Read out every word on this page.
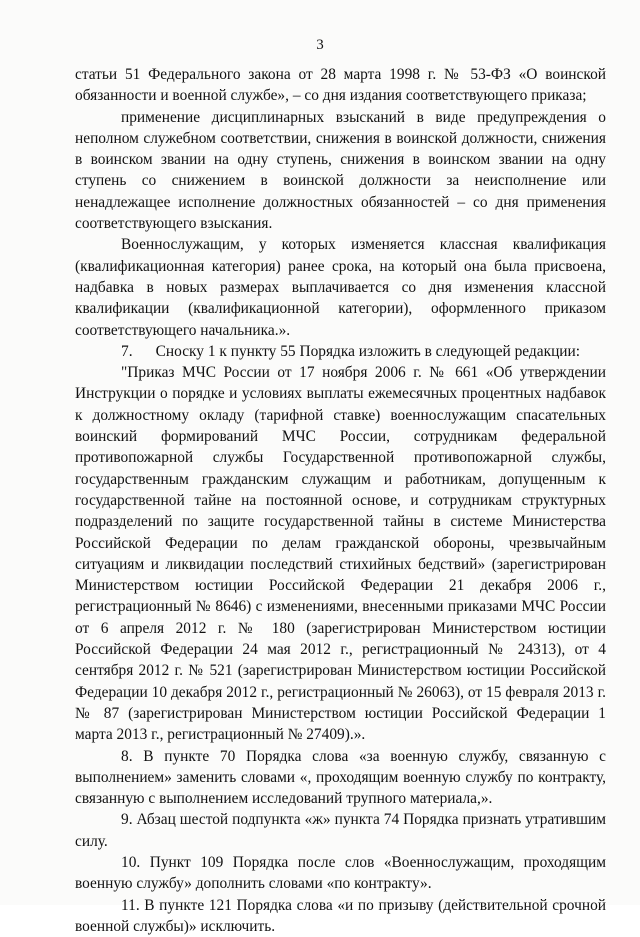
3

статьи 51 Федерального закона от 28 марта 1998 г. № 53-ФЗ «О воинской обязанности и военной службе», – со дня издания соответствующего приказа;

применение дисциплинарных взысканий в виде предупреждения о неполном служебном соответствии, снижения в воинской должности, снижения в воинском звании на одну ступень, снижения в воинском звании на одну ступень со снижением в воинской должности за неисполнение или ненадлежащее исполнение должностных обязанностей – со дня применения соответствующего взыскания.

Военнослужащим, у которых изменяется классная квалификация (квалификационная категория) ранее срока, на который она была присвоена, надбавка в новых размерах выплачивается со дня изменения классной квалификации (квалификационной категории), оформленного приказом соответствующего начальника.».

7.      Сноску 1 к пункту 55 Порядка изложить в следующей редакции:

"Приказ МЧС России от 17 ноября 2006 г. № 661 «Об утверждении Инструкции о порядке и условиях выплаты ежемесячных процентных надбавок к должностному окладу (тарифной ставке) военнослужащим спасательных воинский формирований МЧС России, сотрудникам федеральной противопожарной службы Государственной противопожарной службы, государственным гражданским служащим и работникам, допущенным к государственной тайне на постоянной основе, и сотрудникам структурных подразделений по защите государственной тайны в системе Министерства Российской Федерации по делам гражданской обороны, чрезвычайным ситуациям и ликвидации последствий стихийных бедствий» (зарегистрирован Министерством юстиции Российской Федерации 21 декабря 2006 г., регистрационный № 8646) с изменениями, внесенными приказами МЧС России от 6 апреля 2012 г. № 180 (зарегистрирован Министерством юстиции Российской Федерации 24 мая 2012 г., регистрационный № 24313), от 4 сентября 2012 г. № 521 (зарегистрирован Министерством юстиции Российской Федерации 10 декабря 2012 г., регистрационный № 26063), от 15 февраля 2013 г. № 87 (зарегистрирован Министерством юстиции Российской Федерации 1 марта 2013 г., регистрационный № 27409).».

8. В пункте 70 Порядка слова «за военную службу, связанную с выполнением» заменить словами «, проходящим военную службу по контракту, связанную с выполнением исследований трупного материала,».

9. Абзац шестой подпункта «ж» пункта 74 Порядка признать утратившим силу.

10. Пункт 109 Порядка после слов «Военнослужащим, проходящим военную службу» дополнить словами «по контракту».

11. В пункте 121 Порядка слова «и по призыву (действительной срочной военной службы)» исключить.
